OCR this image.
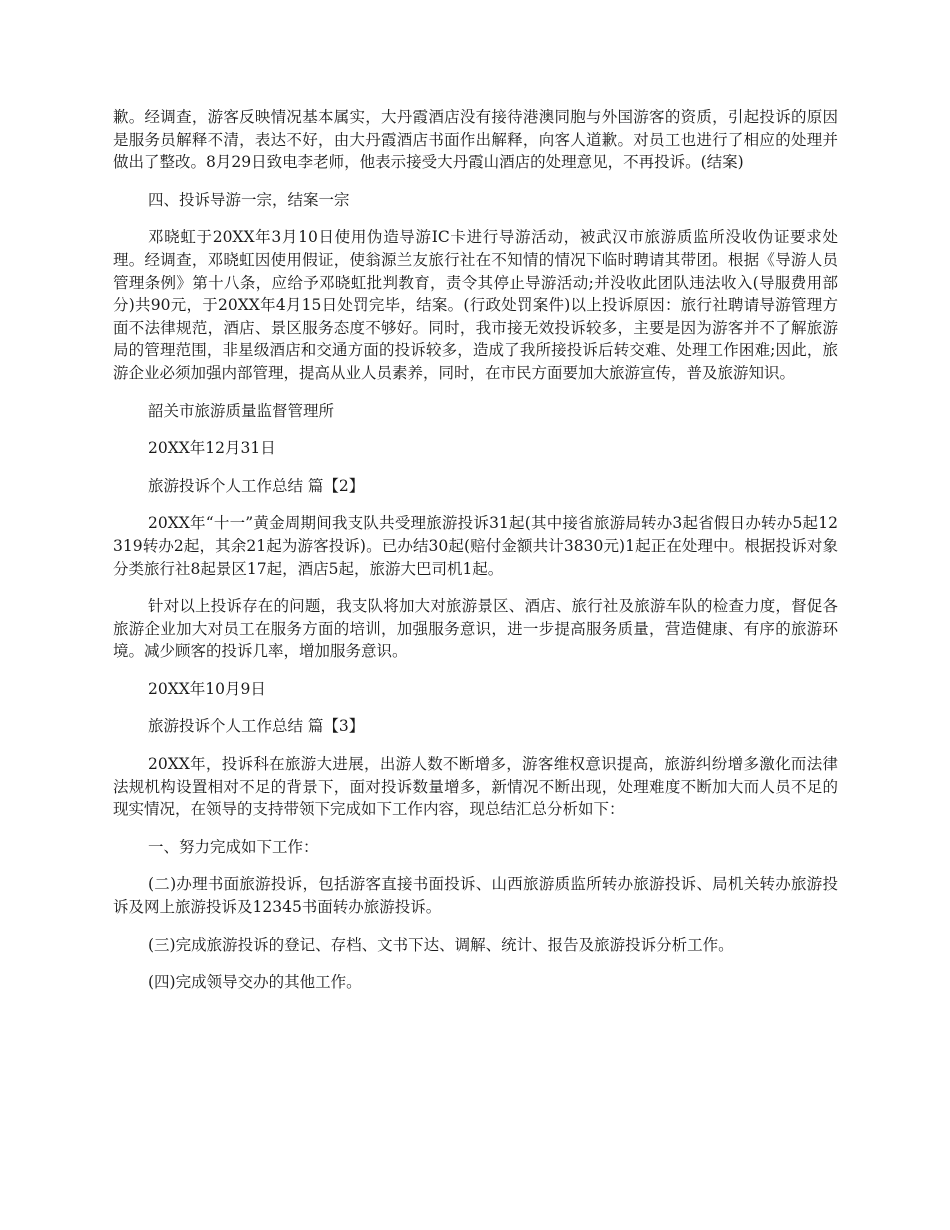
歉。经调查，游客反映情况基本属实，大丹霞酒店没有接待港澳同胞与外国游客的资质，引起投诉的原因是服务员解释不清，表达不好，由大丹霞酒店书面作出解释，向客人道歉。对员工也进行了相应的处理并做出了整改。8月29日致电李老师，他表示接受大丹霞山酒店的处理意见，不再投诉。(结案)

四、投诉导游一宗，结案一宗

邓晓虹于20XX年3月10日使用伪造导游IC卡进行导游活动，被武汉市旅游质监所没收伪证要求处理。经调查，邓晓虹因使用假证，使翁源兰友旅行社在不知情的情况下临时聘请其带团。根据《导游人员管理条例》第十八条，应给予邓晓虹批判教育，责令其停止导游活动;并没收此团队违法收入(导服费用部分)共90元，于20XX年4月15日处罚完毕，结案。(行政处罚案件)以上投诉原因：旅行社聘请导游管理方面不法律规范，酒店、景区服务态度不够好。同时，我市接无效投诉较多，主要是因为游客并不了解旅游局的管理范围，非星级酒店和交通方面的投诉较多，造成了我所接投诉后转交难、处理工作困难;因此，旅游企业必须加强内部管理，提高从业人员素养，同时，在市民方面要加大旅游宣传，普及旅游知识。

韶关市旅游质量监督管理所

20XX年12月31日

旅游投诉个人工作总结 篇【2】

20XX年“十一”黄金周期间我支队共受理旅游投诉31起(其中接省旅游局转办3起省假日办转办5起12319转办2起，其余21起为游客投诉)。已办结30起(赔付金额共计3830元)1起正在处理中。根据投诉对象分类旅行社8起景区17起，酒店5起，旅游大巴司机1起。

针对以上投诉存在的问题，我支队将加大对旅游景区、酒店、旅行社及旅游车队的检查力度，督促各旅游企业加大对员工在服务方面的培训，加强服务意识，进一步提高服务质量，营造健康、有序的旅游环境。减少顾客的投诉几率，增加服务意识。

20XX年10月9日

旅游投诉个人工作总结 篇【3】

20XX年，投诉科在旅游大进展，出游人数不断增多，游客维权意识提高，旅游纠纷增多激化而法律法规机构设置相对不足的背景下，面对投诉数量增多，新情况不断出现，处理难度不断加大而人员不足的现实情况，在领导的支持带领下完成如下工作内容，现总结汇总分析如下：

一、努力完成如下工作：

(二)办理书面旅游投诉，包括游客直接书面投诉、山西旅游质监所转办旅游投诉、局机关转办旅游投诉及网上旅游投诉及12345书面转办旅游投诉。

(三)完成旅游投诉的登记、存档、文书下达、调解、统计、报告及旅游投诉分析工作。

(四)完成领导交办的其他工作。
